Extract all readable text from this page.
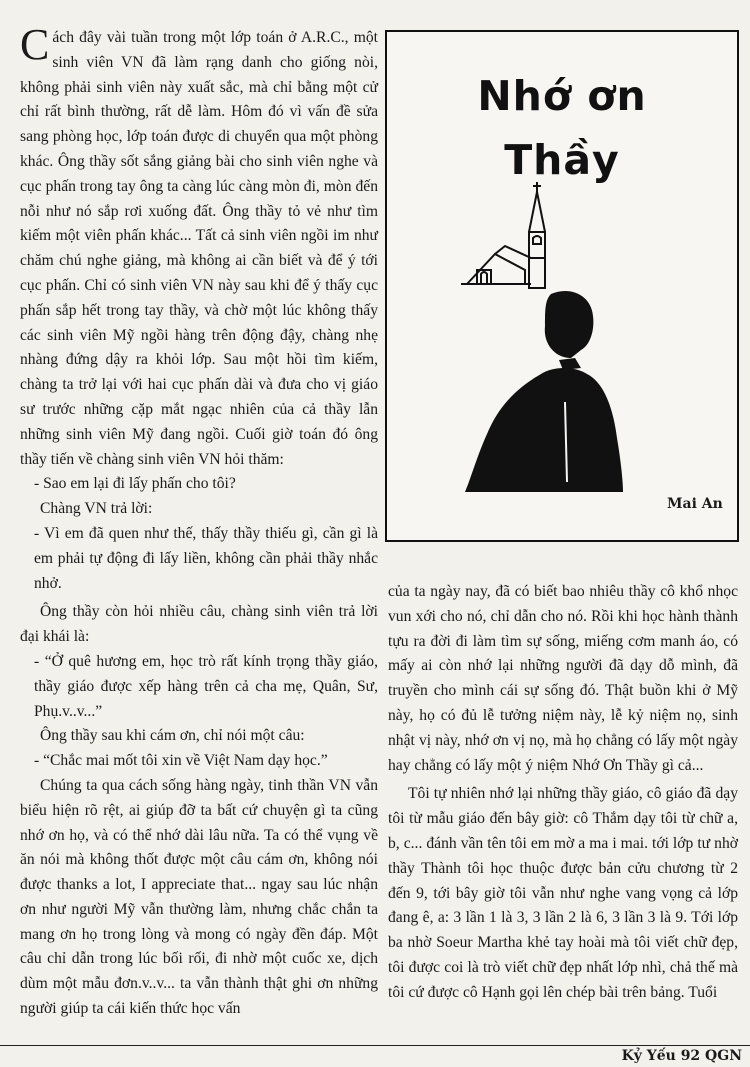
Cách đây vài tuần trong một lớp toán ở A.R.C., một sinh viên VN đã làm rạng danh cho giống nòi, không phải sinh viên này xuất sắc, mà chỉ bằng một cử chỉ rất bình thường, rất dễ làm. Hôm đó vì vấn đề sửa sang phòng học, lớp toán được di chuyển qua một phòng khác. Ông thầy sốt sắng giảng bài cho sinh viên nghe và cục phấn trong tay ông ta càng lúc càng mòn đi, mòn đến nỗi như nó sắp rơi xuống đất. Ông thầy tỏ vẻ như tìm kiếm một viên phấn khác... Tất cả sinh viên ngồi im như chăm chú nghe giảng, mà không ai cần biết và để ý tới cục phấn. Chỉ có sinh viên VN này sau khi để ý thấy cục phấn sắp hết trong tay thầy, và chờ một lúc không thấy các sinh viên Mỹ ngồi hàng trên động đậy, chàng nhẹ nhàng đứng dậy ra khỏi lớp. Sau một hồi tìm kiếm, chàng ta trở lại với hai cục phấn dài và đưa cho vị giáo sư trước những cặp mắt ngạc nhiên của cả thầy lẫn những sinh viên Mỹ đang ngồi. Cuối giờ toán đó ông thầy tiến về chàng sinh viên VN hỏi thăm:

- Sao em lại đi lấy phấn cho tôi?

Chàng VN trả lời:

- Vì em đã quen như thế, thấy thầy thiếu gì, cần gì là em phải tự động đi lấy liền, không cần phải thầy nhắc nhở.

Ông thầy còn hỏi nhiều câu, chàng sinh viên trả lời đại khái là:

- “Ở quê hương em, học trò rất kính trọng thầy giáo, thầy giáo được xếp hàng trên cả cha mẹ, Quân, Sư, Phụ.v..v...”

Ông thầy sau khi cám ơn, chỉ nói một câu:

- “Chắc mai mốt tôi xin về Việt Nam dạy học.”

Chúng ta qua cách sống hàng ngày, tinh thần VN vẫn biểu hiện rõ rệt, ai giúp đỡ ta bất cứ chuyện gì ta cũng nhớ ơn họ, và có thể nhớ dài lâu nữa. Ta có thể vụng về ăn nói mà không thốt được một câu cám ơn, không nói được thanks a lot, I appreciate that... ngay sau lúc nhận ơn như người Mỹ vẫn thường làm, nhưng chắc chắn ta mang ơn họ trong lòng và mong có ngày đền đáp. Một câu chỉ dẫn trong lúc bối rối, đi nhờ một cuốc xe, dịch dùm một mẫu đơn.v..v... ta vẫn thành thật ghi ơn những người giúp ta cái kiến thức học vấn

Nhớ ơn
Thầy
Mai An

của ta ngày nay, đã có biết bao nhiêu thầy cô khổ nhọc vun xới cho nó, chỉ dẫn cho nó. Rồi khi học hành thành tựu ra đời đi làm tìm sự sống, miếng cơm manh áo, có mấy ai còn nhớ lại những người đã dạy dỗ mình, đã truyền cho mình cái sự sống đó. Thật buồn khi ở Mỹ này, họ có đủ lễ tưởng niệm này, lễ kỷ niệm nọ, sinh nhật vị này, nhớ ơn vị nọ, mà họ chẳng có lấy một ngày hay chẳng có lấy một ý niệm Nhớ Ơn Thầy gì cả...

Tôi tự nhiên nhớ lại những thầy giáo, cô giáo đã dạy tôi từ mẫu giáo đến bây giờ: cô Thắm dạy tôi từ chữ a, b, c... đánh vần tên tôi em mờ a ma i mai. tới lớp tư nhờ thầy Thành tôi học thuộc được bản cửu chương từ 2 đến 9, tới bây giờ tôi vẫn như nghe vang vọng cả lớp đang ê, a: 3 lần 1 là 3, 3 lần 2 là 6, 3 lần 3 là 9. Tới lớp ba nhờ Soeur Martha khẻ tay hoài mà tôi viết chữ đẹp, tôi được coi là trò viết chữ đẹp nhất lớp nhì, chả thế mà tôi cứ được cô Hạnh gọi lên chép bài trên bảng. Tuổi

Kỷ Yếu 92 QGN
